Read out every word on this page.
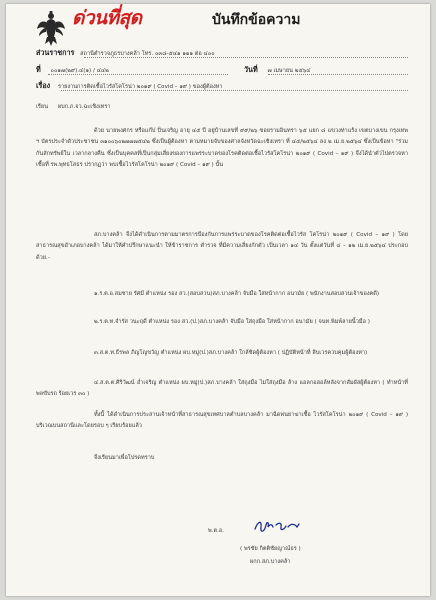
ด่วนที่สุด	บันทึกข้อความ
ส่วนราชการ สถานีตำรวจภูธรบางคล้า โทร. ๐๓๘-๕๔๑ ๑๑๑ ต่อ ๔๐๐
ที่ ๐๐๑๗(๒๙).๔(๑) / ๔๔๒	วันที่ ๗ เมษายน ๒๕๖๔
เรื่อง รายงานการติดเชื้อไวรัสโคโรน่า ๒๐๑๙ ( Covid – ๑๙ ) ของผู้ต้องหา
เรียน ผบก.ภ.จว.ฉะเชิงเทรา

ด้วย นายพงศกร หรือแก๊ป ปิ่นเจริญ อายุ ๔๕ ปี อยู่บ้านเลขที่ ๙๙/๒๖ ซอยรามอินทรา ๖๕ แยก ๘ แขวงท่าแร้ง เขตบางเขน กรุงเทพ ฯ บัตรประจำตัวประชาชน ๓๑๐๐๖๐๒๗๗๗๕๔๒ ซึ่งเป็นผู้ต้องหา ตามหมายจับของศาลจังหวัดฉะเชิงเทรา ที่ ๔๕/๒๕๖๔ ลง ๒ เม.ย.๒๕๖๔ ซึ่งเป็นข้อหา "ร่วมกันลักทรัพย์ใน เวลากลางคืน ซึ่งเป็นบุคคลที่เป็นกลุ่มเสี่ยงของการแพร่ระบาดของโรคติดต่อเชื้อไวรัสโคโรน่า ๒๐๑๙ ( Covid – ๑๙ ) จึงได้นำตัวไปตรวจหาเชื้อที่ รพ.พุทธโสธร ปรากฏว่า พบเชื้อไวรัสโคโรน่า ๒๐๑๙ ( Covid – ๑๙ ) นั้น

สภ.บางคล้า จึงได้ดำเนินการตามมาตรการป้องกันการแพร่ระบาดของโรคติดต่อเชื้อไวรัส โคโรน่า ๒๐๑๙ ( Covid – ๑๙ ) โดยสาธารณสุขอำเภอบางคล้า ได้มาให้คำปรึกษาแนะนำ ให้ข้าราชการ ตำรวจ ที่มีความเสี่ยงกักตัว เป็นเวลา ๑๔ วัน ตั้งแต่วันที่ ๔ – ๑๒ เม.ย.๒๕๖๔ ประกอบด้วย.-

๑.ร.ต.อ.สมชาย รัศมี ตำแหน่ง รอง สว.(สอบสวน)สภ.บางคล้า จับมือ ใส่หน้ากาก อนามัย ( พนักงานสอบสวนเจ้าของคดี)

๒.ร.ต.ท.จำรัส วนะฤดี ตำแหน่ง รอง สว.(ป.)สภ.บางคล้า จับมือ ใส่ถุงมือ ใส่หน้ากาก อนามัย ( จนท.พิมพ์ลายนิ้วมือ )

๓.ส.ต.ท.ธีรพล ภิญโญขวัญ ตำแหน่ง ผบ.หมู่(ป.)สภ.บางคล้า ใกล้ชิดผู้ต้องหา ( ปฏิบัติหน้าที่ สิบเวรควบคุมผู้ต้องหา)

๔.ส.ต.ต.ศิริวัฒน์ อ่ำเจริญ ตำแหน่ง ผบ.หมู่(ป.)สภ.บางคล้า ใส่ถุงมือ ไม่ใส่ถุงมือ ล้าง แอลกอฮอล์หลังจากสัมผัสผู้ต้องหา ( ทำหน้าที่พลขับรถ ร้อยเวร ๓๐ )

ทั้งนี้ ได้ดำเนินการประสานเจ้าหน้าที่สาธารณสุขเทศบาลตำบลบางคล้า มาฉีดพ่นยาฆ่าเชื้อ ไวรัสโคโรน่า ๒๐๑๙ ( Covid – ๑๙ ) บริเวณบนสถานีและโดยรอบ ๆ เรียบร้อยแล้ว

จึงเรียนมาเพื่อโปรดทราบ

พ.ต.อ.
( พรชัย กิตติชัยญาณ์ธร )
ผกก.สภ.บางคล้า
